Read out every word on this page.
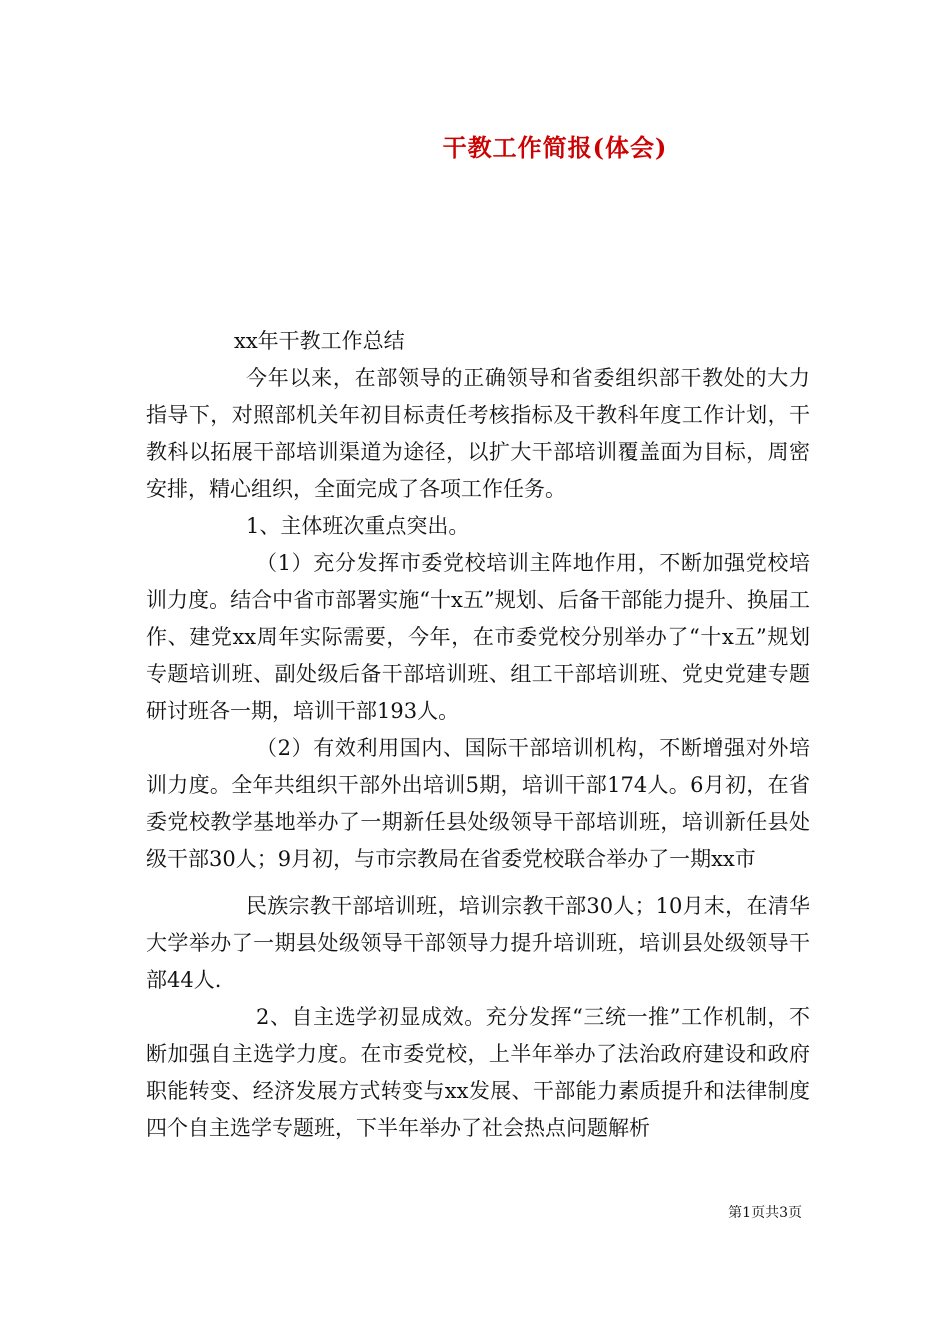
干教工作简报(体会)

xx年干教工作总结

今年以来，在部领导的正确领导和省委组织部干教处的大力指导下，对照部机关年初目标责任考核指标及干教科年度工作计划，干教科以拓展干部培训渠道为途径，以扩大干部培训覆盖面为目标，周密安排，精心组织，全面完成了各项工作任务。

1、主体班次重点突出。

（1）充分发挥市委党校培训主阵地作用，不断加强党校培训力度。结合中省市部署实施“十x五”规划、后备干部能力提升、换届工作、建党xx周年实际需要，今年，在市委党校分别举办了“十x五”规划专题培训班、副处级后备干部培训班、组工干部培训班、党史党建专题研讨班各一期，培训干部193人。

（2）有效利用国内、国际干部培训机构，不断增强对外培训力度。全年共组织干部外出培训5期，培训干部174人。6月初，在省委党校教学基地举办了一期新任县处级领导干部培训班，培训新任县处级干部30人；9月初，与市宗教局在省委党校联合举办了一期xx市

民族宗教干部培训班，培训宗教干部30人；10月末，在清华大学举办了一期县处级领导干部领导力提升培训班，培训县处级领导干部44人.

2、自主选学初显成效。充分发挥“三统一推”工作机制，不断加强自主选学力度。在市委党校，上半年举办了法治政府建设和政府职能转变、经济发展方式转变与xx发展、干部能力素质提升和法律制度四个自主选学专题班，下半年举办了社会热点问题解析

第1页共3页
